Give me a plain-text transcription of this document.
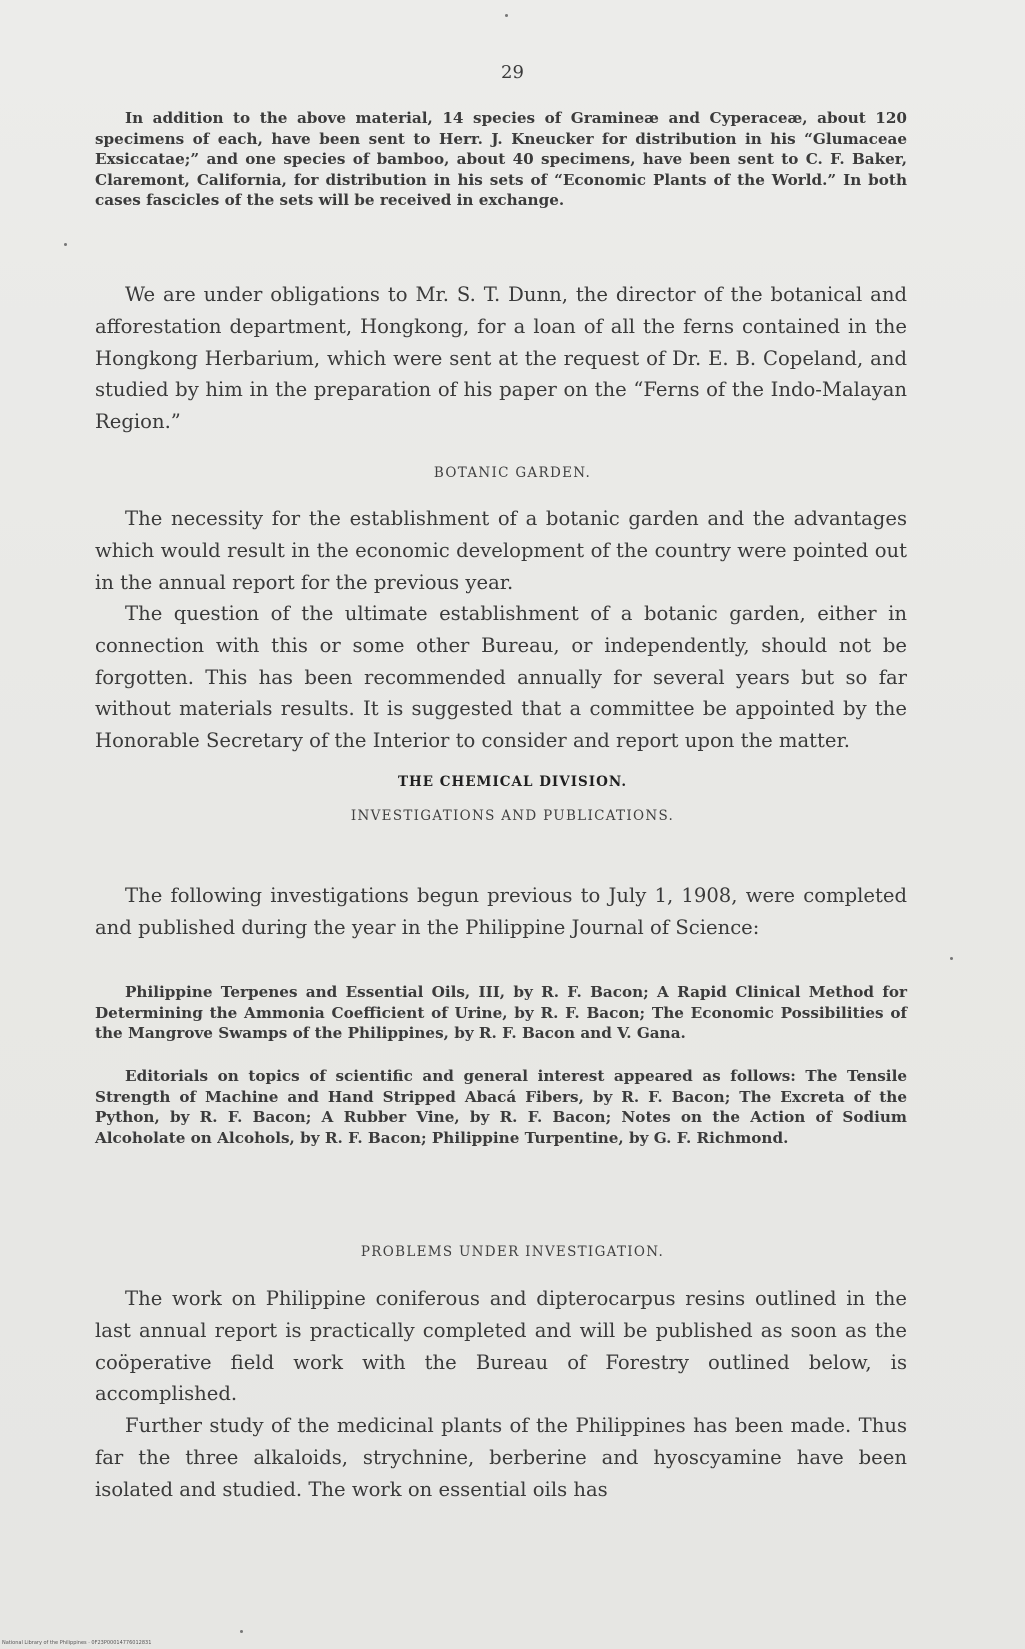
29

In addition to the above material, 14 species of Gramineæ and Cyperaceæ, about 120 specimens of each, have been sent to Herr. J. Kneucker for distribution in his “Glumaceae Exsiccatae;” and one species of bamboo, about 40 specimens, have been sent to C. F. Baker, Claremont, California, for distribution in his sets of “Economic Plants of the World.” In both cases fascicles of the sets will be received in exchange.

We are under obligations to Mr. S. T. Dunn, the director of the botanical and afforestation department, Hongkong, for a loan of all the ferns contained in the Hongkong Herbarium, which were sent at the request of Dr. E. B. Copeland, and studied by him in the preparation of his paper on the “Ferns of the Indo-Malayan Region.”

BOTANIC GARDEN.

The necessity for the establishment of a botanic garden and the advantages which would result in the economic development of the country were pointed out in the annual report for the previous year.

The question of the ultimate establishment of a botanic garden, either in connection with this or some other Bureau, or independently, should not be forgotten. This has been recommended annually for several years but so far without materials results. It is suggested that a committee be appointed by the Honorable Secretary of the Interior to consider and report upon the matter.

THE CHEMICAL DIVISION.
INVESTIGATIONS AND PUBLICATIONS.

The following investigations begun previous to July 1, 1908, were completed and published during the year in the Philippine Journal of Science:

Philippine Terpenes and Essential Oils, III, by R. F. Bacon; A Rapid Clinical Method for Determining the Ammonia Coefficient of Urine, by R. F. Bacon; The Economic Possibilities of the Mangrove Swamps of the Philippines, by R. F. Bacon and V. Gana.

Editorials on topics of scientific and general interest appeared as follows: The Tensile Strength of Machine and Hand Stripped Abacá Fibers, by R. F. Bacon; The Excreta of the Python, by R. F. Bacon; A Rubber Vine, by R. F. Bacon; Notes on the Action of Sodium Alcoholate on Alcohols, by R. F. Bacon; Philippine Turpentine, by G. F. Richmond.

PROBLEMS UNDER INVESTIGATION.

The work on Philippine coniferous and dipterocarpus resins outlined in the last annual report is practically completed and will be published as soon as the coöperative field work with the Bureau of Forestry outlined below, is accomplished.

Further study of the medicinal plants of the Philippines has been made. Thus far the three alkaloids, strychnine, berberine and hyoscyamine have been isolated and studied. The work on essential oils has

National Library of the Philippines · 0F23P00014776012831
